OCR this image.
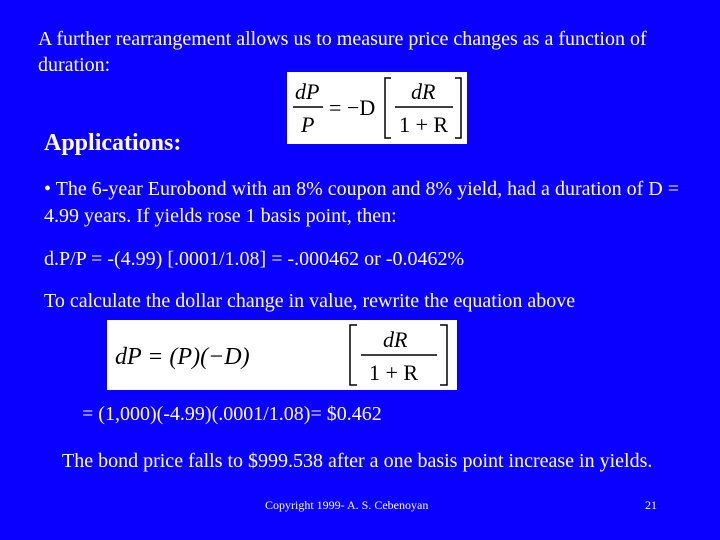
A further rearrangement allows us to measure price changes as a function of duration:
dP
P
= −D
dR
1 + R
Applications:
• The 6-year Eurobond with an 8% coupon and 8% yield, had a duration of D = 4.99 years. If yields rose 1 basis point, then:
d.P/P = -(4.99) [.0001/1.08] = -.000462 or -0.0462%
To calculate the dollar change in value, rewrite the equation above
dP = (P)(−D)
dR
1 + R
= (1,000)(-4.99)(.0001/1.08)= $0.462
The bond price falls to $999.538 after a one basis point increase in yields.
Copyright 1999- A. S. Cebenoyan	21
